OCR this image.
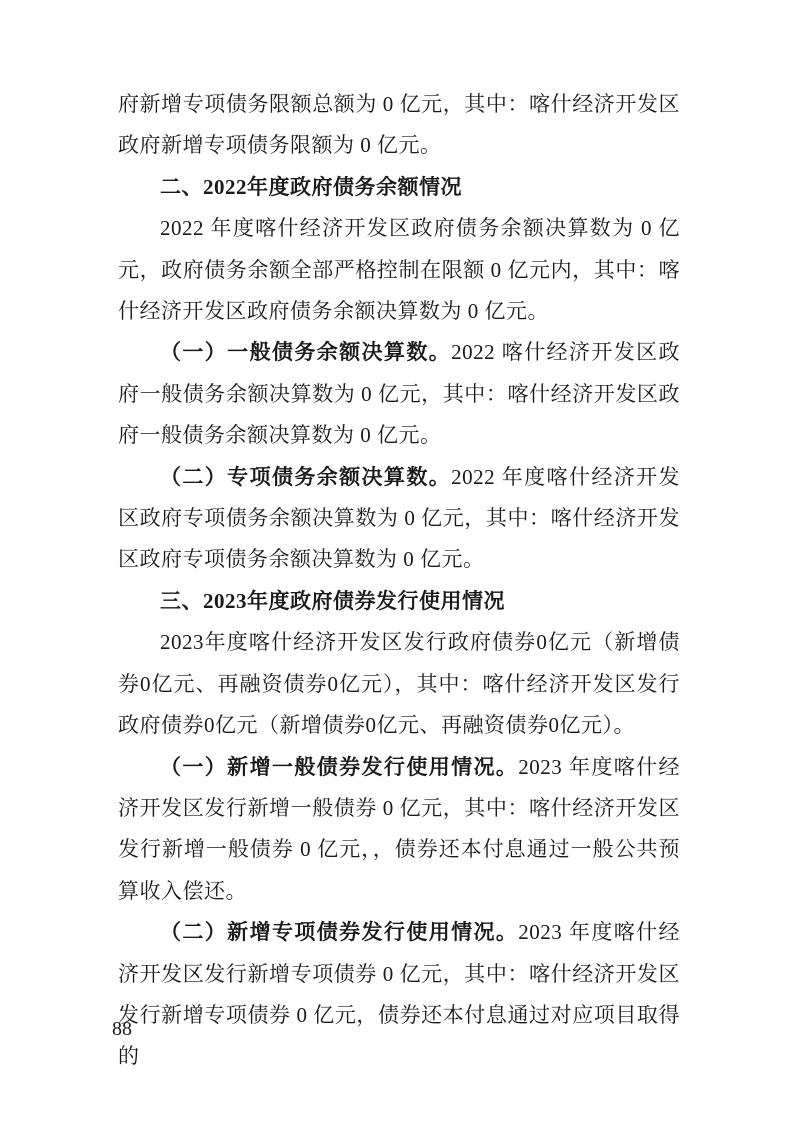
府新增专项债务限额总额为 0 亿元，其中：喀什经济开发区政府新增专项债务限额为 0 亿元。

二、2022年度政府债务余额情况

2022 年度喀什经济开发区政府债务余额决算数为 0 亿元，政府债务余额全部严格控制在限额 0 亿元内，其中：喀什经济开发区政府债务余额决算数为 0 亿元。

（一）一般债务余额决算数。2022 喀什经济开发区政府一般债务余额决算数为 0 亿元，其中：喀什经济开发区政府一般债务余额决算数为 0 亿元。

（二）专项债务余额决算数。2022 年度喀什经济开发区政府专项债务余额决算数为 0 亿元，其中：喀什经济开发区政府专项债务余额决算数为 0 亿元。

三、2023年度政府债券发行使用情况

2023年度喀什经济开发区发行政府债券0亿元（新增债券0亿元、再融资债券0亿元），其中：喀什经济开发区发行政府债券0亿元（新增债券0亿元、再融资债券0亿元）。

（一）新增一般债券发行使用情况。2023 年度喀什经济开发区发行新增一般债券 0 亿元，其中：喀什经济开发区发行新增一般债券 0 亿元，，债券还本付息通过一般公共预算收入偿还。

（二）新增专项债券发行使用情况。2023 年度喀什经济开发区发行新增专项债券 0 亿元，其中：喀什经济开发区发行新增专项债券 0 亿元，债券还本付息通过对应项目取得的

88
